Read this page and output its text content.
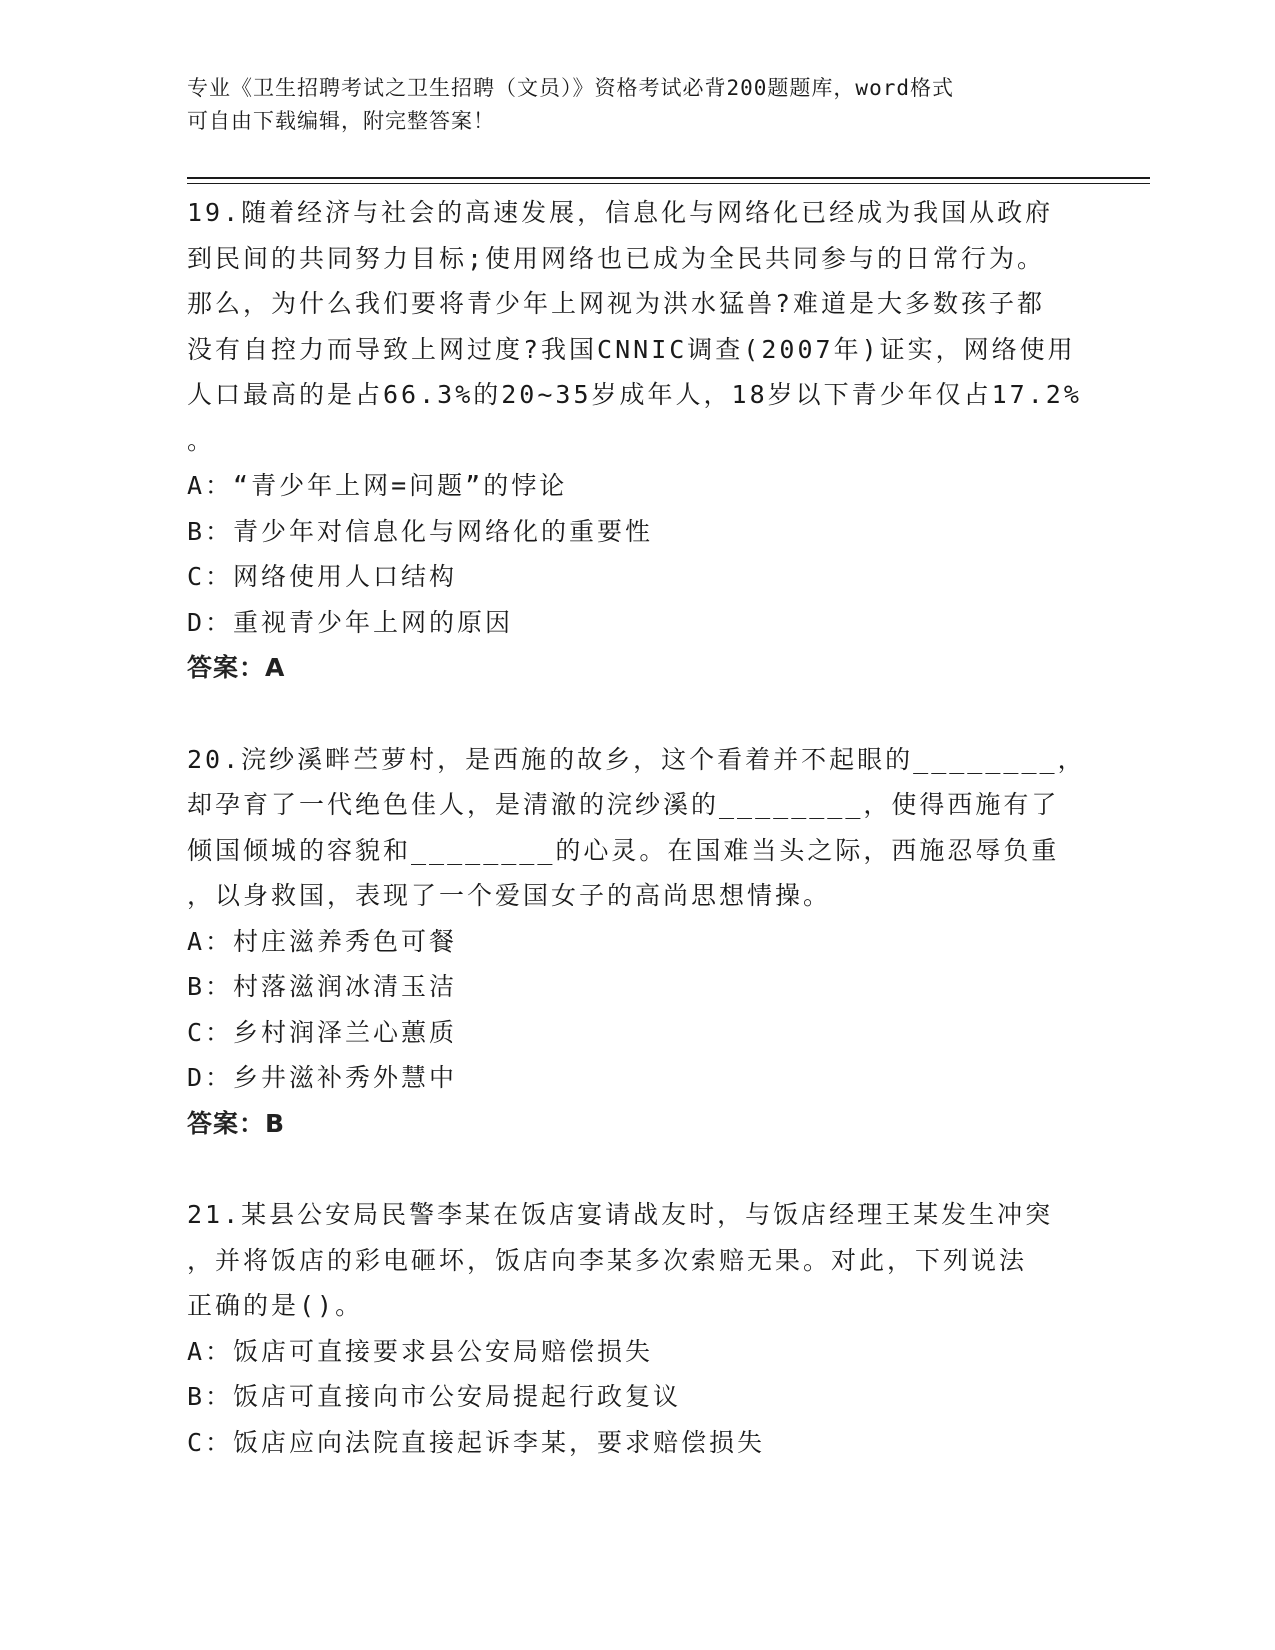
专业《卫生招聘考试之卫生招聘（文员）》资格考试必背200题题库，word格式
可自由下载编辑，附完整答案！
19.随着经济与社会的高速发展，信息化与网络化已经成为我国从政府
到民间的共同努力目标;使用网络也已成为全民共同参与的日常行为。
那么，为什么我们要将青少年上网视为洪水猛兽?难道是大多数孩子都
没有自控力而导致上网过度?我国CNNIC调查(2007年)证实，网络使用
人口最高的是占66.3%的20~35岁成年人，18岁以下青少年仅占17.2%
。
A：“青少年上网=问题”的悖论
B：青少年对信息化与网络化的重要性
C：网络使用人口结构
D：重视青少年上网的原因
答案：A
20.浣纱溪畔苎萝村，是西施的故乡，这个看着并不起眼的________，
却孕育了一代绝色佳人，是清澈的浣纱溪的________，使得西施有了
倾国倾城的容貌和________的心灵。在国难当头之际，西施忍辱负重
，以身救国，表现了一个爱国女子的高尚思想情操。
A：村庄滋养秀色可餐
B：村落滋润冰清玉洁
C：乡村润泽兰心蕙质
D：乡井滋补秀外慧中
答案：B
21.某县公安局民警李某在饭店宴请战友时，与饭店经理王某发生冲突
，并将饭店的彩电砸坏，饭店向李某多次索赔无果。对此，下列说法
正确的是()。
A：饭店可直接要求县公安局赔偿损失
B：饭店可直接向市公安局提起行政复议
C：饭店应向法院直接起诉李某，要求赔偿损失
